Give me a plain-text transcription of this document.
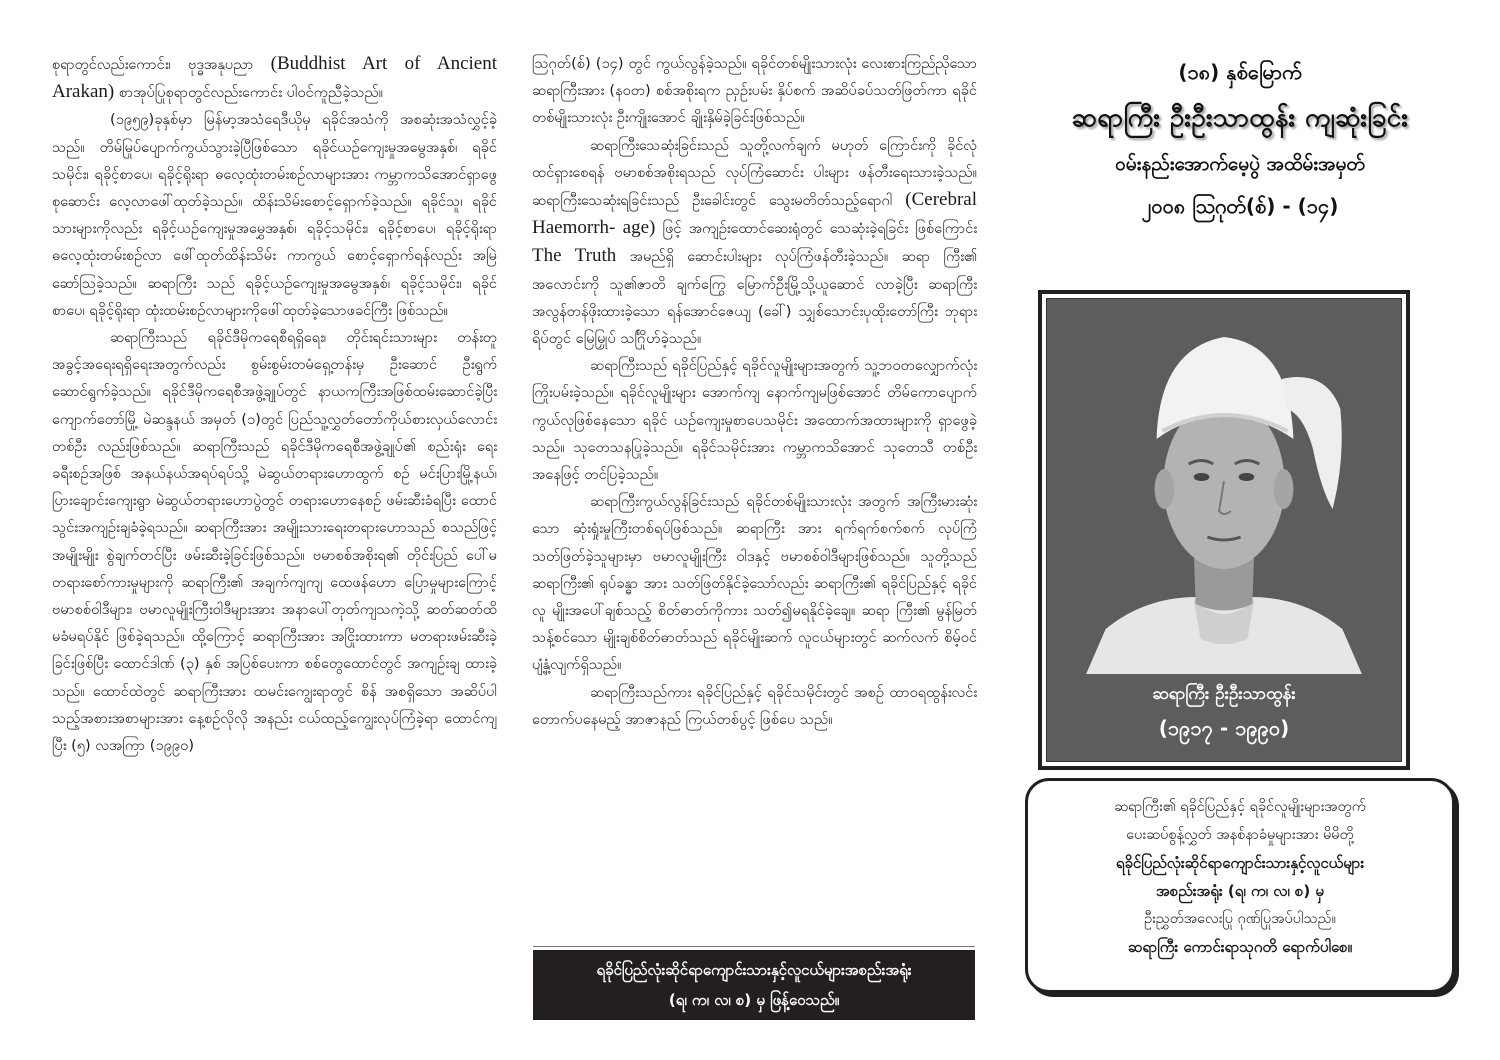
စုရာတွင်လည်းကောင်း၊ ဗုဒ္ဓအနုပညာ (Buddhist Art of Ancient Arakan) စာအုပ်ပြုစုရာတွင်လည်းကောင်း ပါဝင်ကူညီခဲ့သည်။

(၁၉၅၉)ခုနှစ်မှာ မြန်မာ့အသံရေဒီယိုမှ ရခိုင်အသံကို အစဆုံးအသံလွှင့်ခဲ့သည်။ တိမ်မြုပ်ပျောက်ကွယ်သွားခဲ့ပြီဖြစ်သော ရခိုင်ယဉ်ကျေးမှုအမွေအနှစ်၊ ရခိုင်သမိုင်း၊ ရခိုင့်စာပေ၊ ရခိုင့်ရိုးရာ ဓလေ့ထုံးတမ်းစဉ်လာများအား ကမ္ဘာကသိအောင်ရှာဖွေစုဆောင်း လေ့လာဖေါ်ထုတ်ခဲ့သည်။ ထိန်းသိမ်းစောင့်ရှောက်ခဲ့သည်။ ရခိုင်သူ၊ ရခိုင်သားများကိုလည်း ရခိုင့်ယဉ်ကျေးမှုအမွှေအနှစ်၊ ရခိုင့်သမိုင်း၊ ရခိုင့်စာပေ၊ ရခိုင့်ရိုးရာ ဓလေ့ထုံးတမ်းစဉ်လာ ဖေါ်ထုတ်ထိန်းသိမ်း ကာကွယ် စောင့်ရှောက်ရန်လည်း အမြဲဆော်ဩခဲ့သည်။ ဆရာကြီး သည် ရခိုင့်ယဉ်ကျေးမှုအမွေအနှစ်၊ ရခိုင့်သမိုင်း၊ ရခိုင်စာပေ၊ ရခိုင့်ရိုးရာ ထုံးထမ်းစဉ်လာများကိုဖေါ်ထုတ်ခဲ့သောဖခင်ကြီး ဖြစ်သည်။

ဆရာကြီးသည် ရခိုင်ဒီမိုကရေစီရရှိရေး၊ တိုင်းရင်းသားများ တန်းတူအခွင့်အရေးရရှိရေးအတွက်လည်း စွမ်းစွမ်းတမံရှေ့တန်းမှ ဦးဆောင် ဦးရွက် ဆောင်ရွက်ခဲ့သည်။ ရခိုင်ဒီမိုကရေစီအဖွဲ့ချုပ်တွင် နာယကကြီးအဖြစ်ထမ်းဆောင်ခဲ့ပြီး ကျောက်တော်မြို့ မဲဆန္ဒနယ် အမှတ် (၁)တွင် ပြည်သူ့လွှတ်တော်ကိုယ်စားလှယ်လောင်း တစ်ဦး လည်းဖြစ်သည်။ ဆရာကြီးသည် ရခိုင်ဒီမိုကရေစီအဖွဲ့ချုပ်၏ စည်းရုံး ရေးခရီးစဉ်အဖြစ် အနယ်နယ်အရပ်ရပ်သို့ မဲဆွယ်တရားဟောထွက် စဉ် မင်းပြားမြို့နယ်၊ ပြားချောင်းကျေးရွာ မဲဆွယ်တရားဟောပွဲတွင် တရားဟောနေစဉ် ဖမ်းဆီးခံရပြီး ထောင်သွင်းအကျဉ်းချခံခဲ့ရသည်။ ဆရာကြီးအား အမျိုးသားရေးတရားဟောသည် စသည်ဖြင့် အမျိုးမျိုး စွဲချက်တင်ပြီး ဖမ်းဆီးခဲ့ခြင်းဖြစ်သည်။ ဗမာစစ်အစိုးရ၏ တိုင်းပြည် ပေါ်မတရားစော်ကားမှုများကို ဆရာကြီး၏ အချက်ကျကျ ထေဖန်ဟော ပြောမှုများကြောင့် ဗမာစစ်ဝါဒီများ၊ ဗမာလူမျိုးကြီးဝါဒီများအား အနာပေါ်တုတ်ကျသကဲ့သို့ ဆတ်ဆတ်ထိမခံမရပ်နိုင် ဖြစ်ခဲ့ရသည်။ ထို့ကြောင့် ဆရာကြီးအား အငြိုးထားကာ မတရားဖမ်းဆီးခဲ့ခြင်းဖြစ်ပြီး ထောင်ဒါဏ် (၃) နှစ် အပြစ်ပေးကာ စစ်တွေထောင်တွင် အကျဉ်းချ ထားခဲ့သည်။ ထောင်ထဲတွင် ဆရာကြီးအား ထမင်းကျွေးရာတွင် စိန် အစရှိသော အဆိပ်ပါသည့်အစားအစာများအား နေ့စဉ်လိုလို အနည်း ငယ်ထည့်ကျွေးလုပ်ကြံခဲ့ရာ ထောင်ကျပြီး (၅) လအကြာ (၁၉၉၀)

ဩဂုတ်(စ်) (၁၄) တွင် ကွယ်လွန်ခဲ့သည်။ ရခိုင်တစ်မျိုးသားလုံး လေးစားကြည်ညိုသော ဆရာကြီးအား (နဝတ) စစ်အစိုးရက ညှဉ်းပမ်း နှိပ်စက် အဆိပ်ခပ်သတ်ဖြတ်ကာ ရခိုင်တစ်မျိုးသားလုံး ဦးကျိုးအောင် ချိုးနှိမ်ခဲ့ခြင်းဖြစ်သည်။

ဆရာကြီးသေဆုံးခြင်းသည် သူတို့လက်ချက် မဟုတ် ကြောင်းကို ခိုင်လုံထင်ရှားစေရန် ဗမာစစ်အစိုးရသည် လုပ်ကြံဆောင်း ပါးများ ဖန်တီးရေးသားခဲ့သည်။ ဆရာကြီးသေဆုံးရခြင်းသည် ဦးခေါင်းတွင် သွေးမတိတ်သည့်ရောဂါ (Cerebral Haemorrh- age) ဖြင့် အကျဉ်းထောင်ဆေးရုံတွင် သေဆုံးခဲ့ရခြင်း ဖြစ်ကြောင်း The Truth အမည်ရှိ ဆောင်းပါးများ လုပ်ကြံဖန်တီးခဲ့သည်။ ဆရာ ကြီး၏ အလောင်းကို သူ၏ဇာတိ ချက်ကြွေ မြောက်ဦးမြို့သို့ယူဆောင် လာခဲ့ပြီး ဆရာကြီးအလွန်တန်ဖိုးထားခဲ့သော ရန်အောင်ဇေယျ (ခေါ်) သျှစ်သောင်းပုထိုးတော်ကြီး ဘုရားရိပ်တွင် မြေမြှုပ် သင်္ဂြိုဟ်ခဲ့သည်။

ဆရာကြီးသည် ရခိုင်ပြည်နှင့် ရခိုင်လူမျိုးများအတွက် သူ့ဘဝတလျှောက်လုံး ကြိုးပမ်းခဲ့သည်။ ရခိုင်လူမျိုးများ အောက်ကျ နောက်ကျမဖြစ်အောင် တိမ်ကောပျောက်ကွယ်လုဖြစ်နေသော ရခိုင် ယဉ်ကျေးမှုစာပေသမိုင်း အထောက်အထားများကို ရှာဖွေခဲ့သည်။ သုတေသနပြုခဲ့သည်။ ရခိုင်သမိုင်းအား ကမ္ဘာကသိအောင် သုတေသီ တစ်ဦးအနေဖြင့် တင်ပြခဲ့သည်။

ဆရာကြီးကွယ်လွန်ခြင်းသည် ရခိုင်တစ်မျိုးသားလုံး အတွက် အကြီးမားဆုံးသော ဆုံးရှုံးမှုကြီးတစ်ရပ်ဖြစ်သည်။ ဆရာကြီး အား ရက်ရက်စက်စက် လုပ်ကြံသတ်ဖြတ်ခဲ့သူများမှာ ဗမာလူမျိုးကြီး ဝါဒနှင့် ဗမာစစ်ဝါဒီများဖြစ်သည်။ သူတို့သည် ဆရာကြီး၏ ရုပ်ခန္ဓာ အား သတ်ဖြတ်နိုင်ခဲ့သော်လည်း ဆရာကြီး၏ ရခိုင်ပြည်နှင့် ရခိုင်လူ မျိုးအပေါ်ချစ်သည့် စိတ်ဓာတ်ကိုကား သတ်၍မရနိုင်ခဲ့ချေ။ ဆရာ ကြီး၏ မွန်မြတ်သန့်စင်သော မျိုးချစ်စိတ်ဓာတ်သည် ရခိုင်မျိုးဆက် လူငယ်များတွင် ဆက်လက် စိမ့်ဝင်ပျံ့နှံ့လျက်ရှိသည်။

ဆရာကြီးသည်ကား ရခိုင်ပြည်နှင့် ရခိုင်သမိုင်းတွင် အစဉ် ထာဝရထွန်းလင်းတောက်ပနေမည့် အာဇာနည် ကြယ်တစ်ပွင့် ဖြစ်ပေ သည်။

ရခိုင်ပြည်လုံးဆိုင်ရာကျောင်းသားနှင့်လူငယ်များအစည်းအရုံး
(ရ၊ က၊ လ၊ စ) မှ ဖြန့်ဝေသည်။
(၁၈) နှစ်မြောက်
ဆရာကြီး ဦးဦးသာထွန်း ကျဆုံးခြင်း
ဝမ်းနည်းအောက်မေ့ပွဲ အထိမ်းအမှတ်
၂၀၀၈ ဩဂုတ်(စ်) - (၁၄)
ဆရာကြီး ဦးဦးသာထွန်း
(၁၉၁၇ - ၁၉၉၀)
ဆရာကြီး၏ ရခိုင်ပြည်နှင့် ရခိုင်လူမျိုးများအတွက်
ပေးဆပ်စွန့်လွှတ် အနစ်နာခံမှုများအား မိမိတို့
ရခိုင်ပြည်လုံးဆိုင်ရာကျောင်းသားနှင့်လူငယ်များ
အစည်းအရုံး (ရ၊ က၊ လ၊ စ) မှ
ဦးညွှတ်အလေးပြု ဂုဏ်ပြုအပ်ပါသည်။
ဆရာကြီး ကောင်းရာသုဂတိ ရောက်ပါစေ။
